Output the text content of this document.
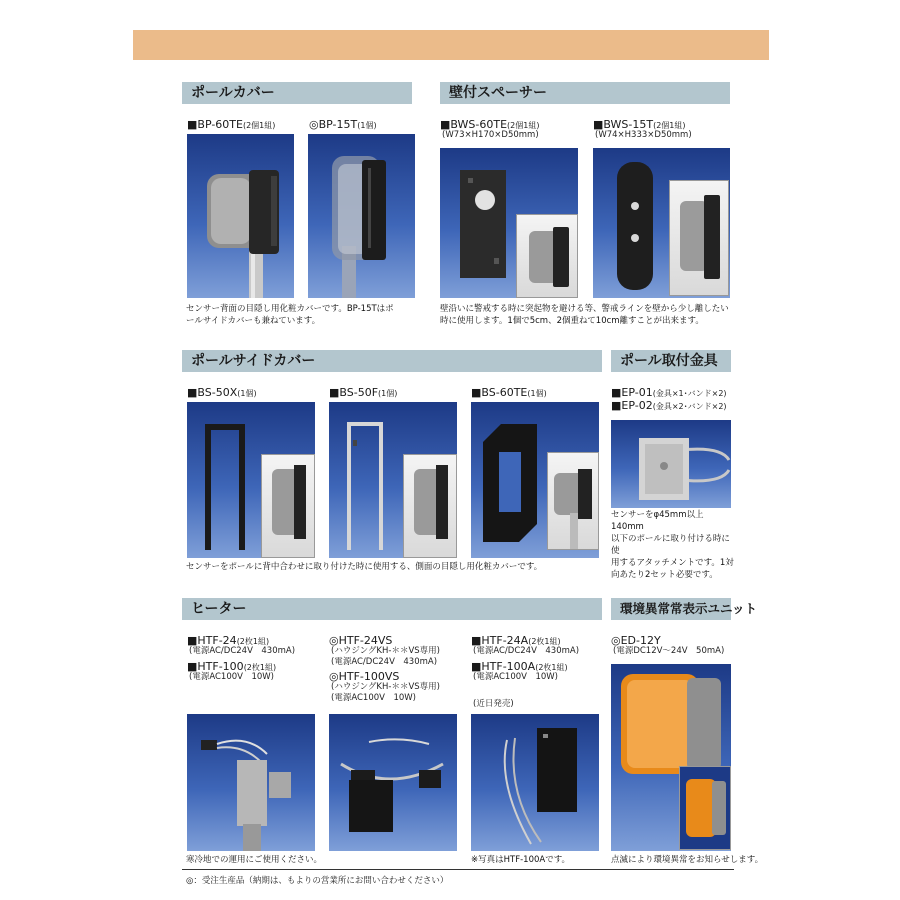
ポールカバー
■BP-60TE(2個1組)	◎BP-15T(1個)
センサー背面の目隠し用化粧カバーです。BP-15Tはポ
ールサイドカバーも兼ねています。
壁付スペーサー
■BWS-60TE(2個1組)
(W73×H170×D50mm)
■BWS-15T(2個1組)
(W74×H333×D50mm)
壁沿いに警戒する時に突起物を避ける等、警戒ラインを壁から少し離したい
時に使用します。1個で5cm、2個重ねて10cm離すことが出来ます。
ポールサイドカバー
■BS-50X(1個)	■BS-50F(1個)	■BS-60TE(1個)
センサーをポールに背中合わせに取り付けた時に使用する、側面の目隠し用化粧カバーです。
ポール取付金具
■EP-01(金具×1･バンド×2)
■EP-02(金具×2･バンド×2)
センサーをφ45mm以上140mm
以下のポールに取り付ける時に使
用するアタッチメントです。1対
向あたり2セット必要です。
ヒーター
■HTF-24(2枚1組)
(電源AC/DC24V　430mA)
■HTF-100(2枚1組)
(電源AC100V　10W)
◎HTF-24VS
(ハウジングKH-＊＊VS専用)
(電源AC/DC24V　430mA)
◎HTF-100VS
(ハウジングKH-＊＊VS専用)
(電源AC100V　10W)
■HTF-24A(2枚1組)
(電源AC/DC24V　430mA)
■HTF-100A(2枚1組)
(電源AC100V　10W)
(近日発売)
寒冷地での運用にご使用ください。	※写真はHTF-100Aです。
環境異常常表示ユニット
◎ED-12Y
(電源DC12V〜24V　50mA)
点滅により環境異常をお知らせします。
◎：受注生産品（納期は、もよりの営業所にお問い合わせください）
